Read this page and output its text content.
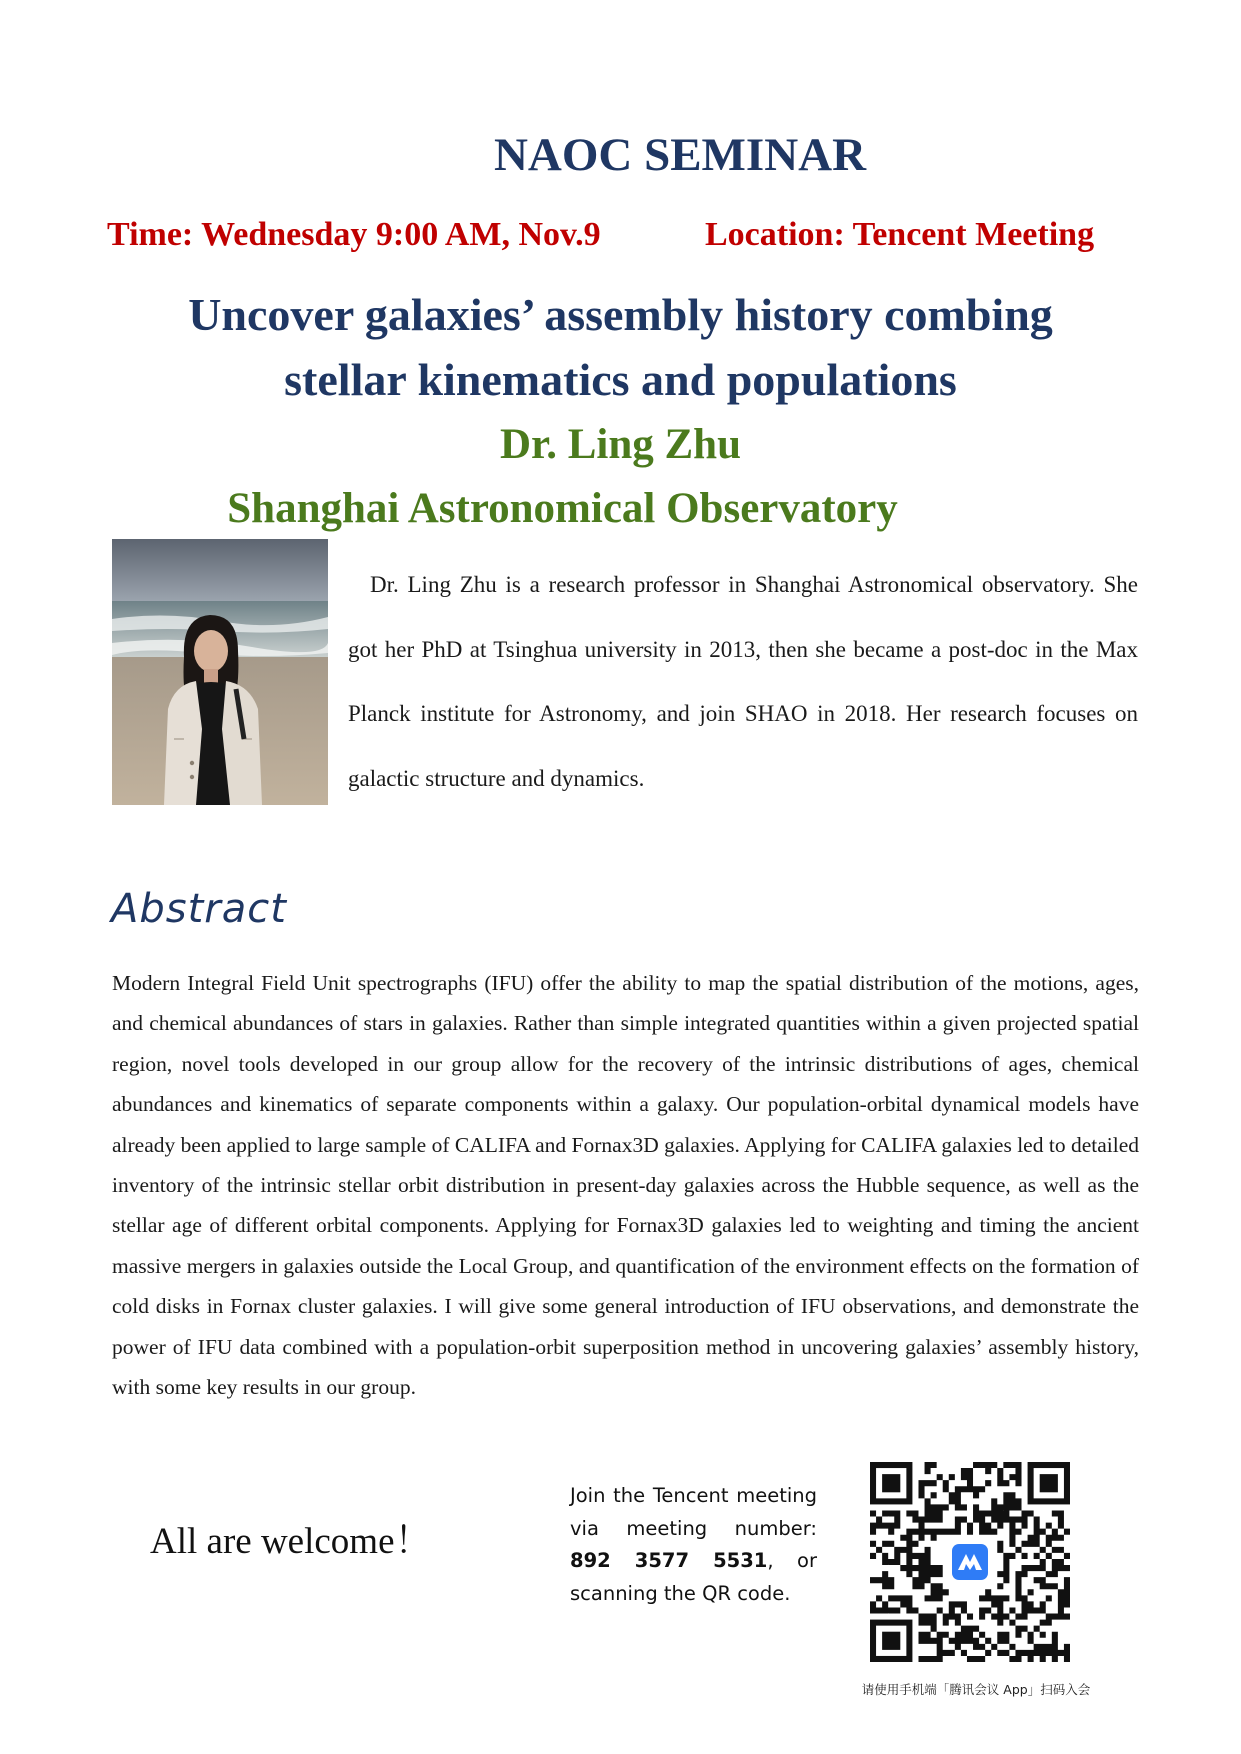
NAOC SEMINAR
Time: Wednesday 9:00 AM, Nov.9	Location: Tencent Meeting
Uncover galaxies’ assembly history combing
stellar kinematics and populations
Dr. Ling Zhu
Shanghai Astronomical Observatory

Dr. Ling Zhu is a research professor in Shanghai Astronomical observatory. She got her PhD at Tsinghua university in 2013, then she became a post-doc in the Max Planck institute for Astronomy, and join SHAO in 2018. Her research focuses on galactic structure and dynamics.

Abstract

Modern Integral Field Unit spectrographs (IFU) offer the ability to map the spatial distribution of the motions, ages, and chemical abundances of stars in galaxies. Rather than simple integrated quantities within a given projected spatial region, novel tools developed in our group allow for the recovery of the intrinsic distributions of ages, chemical abundances and kinematics of separate components within a galaxy. Our population-orbital dynamical models have already been applied to large sample of CALIFA and Fornax3D galaxies. Applying for CALIFA galaxies led to detailed inventory of the intrinsic stellar orbit distribution in present-day galaxies across the Hubble sequence, as well as the stellar age of different orbital components. Applying for Fornax3D galaxies led to weighting and timing the ancient massive mergers in galaxies outside the Local Group, and quantification of the environment effects on the formation of cold disks in Fornax cluster galaxies. I will give some general introduction of IFU observations, and demonstrate the power of IFU data combined with a population-orbit superposition method in uncovering galaxies’ assembly history, with some key results in our group.

All are welcome！
Join the Tencent meeting via meeting number: 892 3577 5531, or scanning the QR code.
请使用手机端「腾讯会议 App」扫码入会
